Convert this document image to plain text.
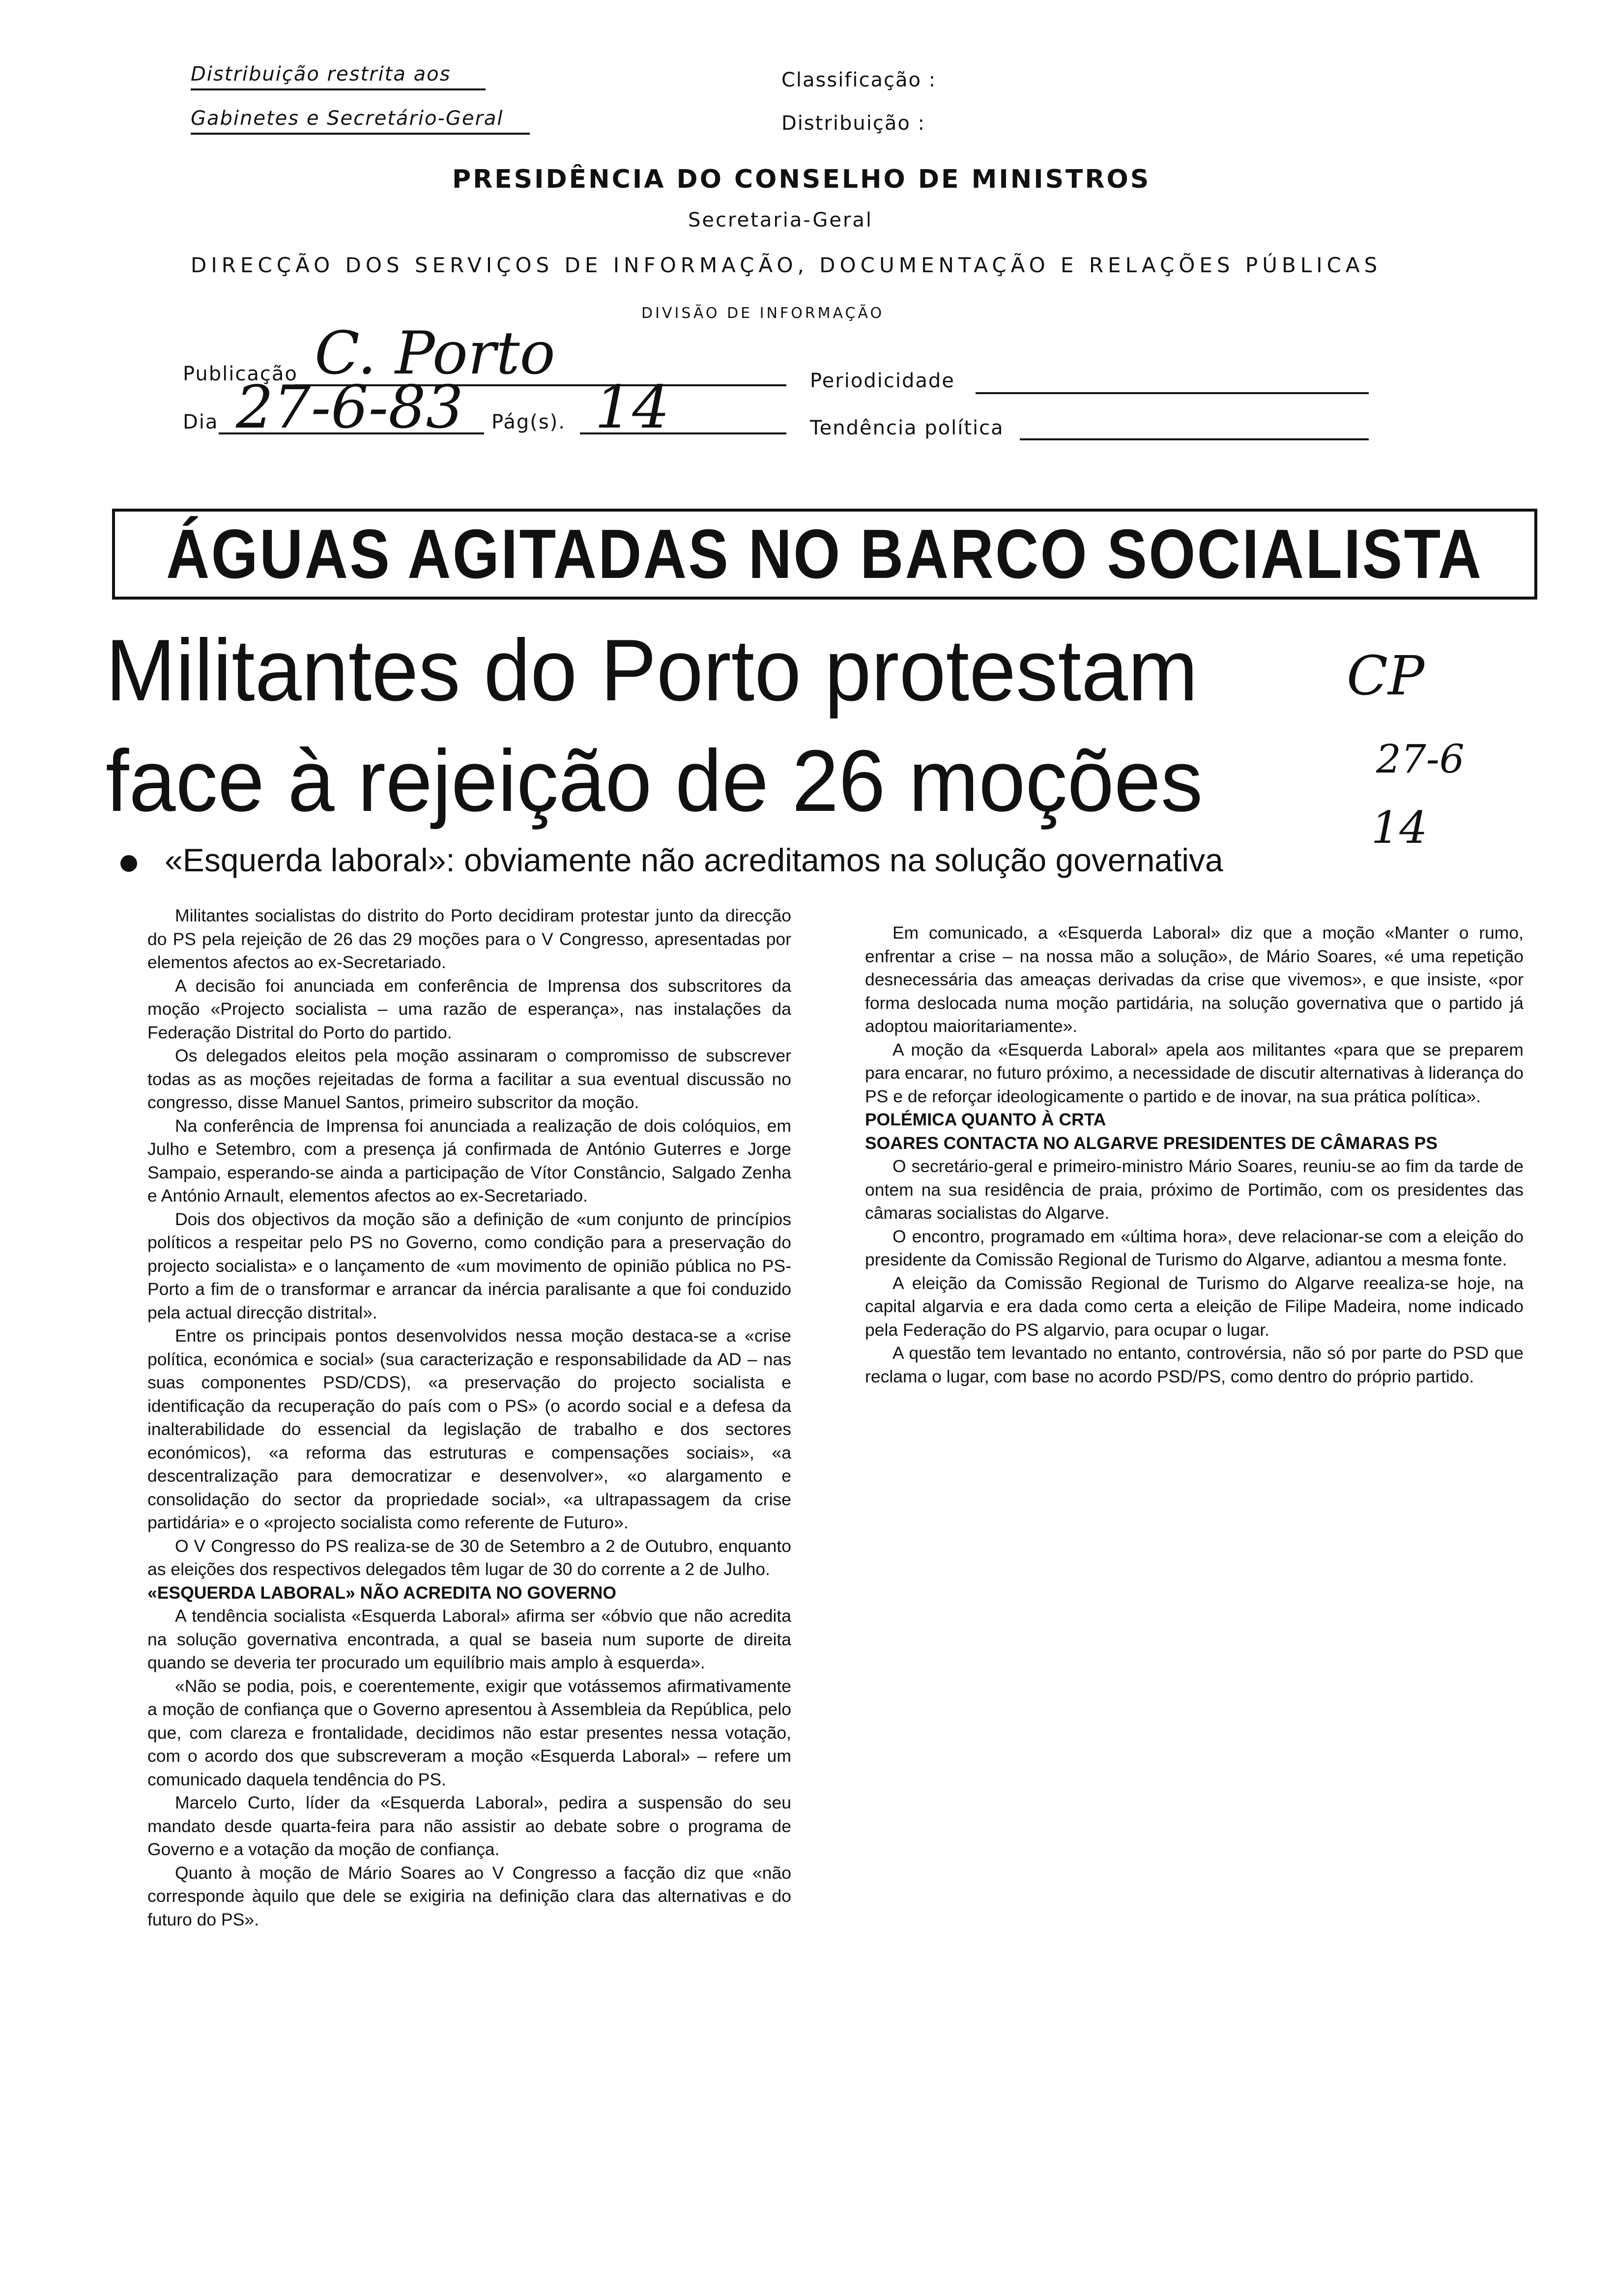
Distribuição restrita aos
Gabinetes e Secretário-Geral
Classificação :
Distribuição :
PRESIDÊNCIA DO CONSELHO DE MINISTROS
Secretaria-Geral
DIRECÇÃO DOS SERVIÇOS DE INFORMAÇÃO, DOCUMENTAÇÃO E RELAÇÕES PÚBLICAS
DIVISÃO DE INFORMAÇÃO
Publicação C. Porto	Periodicidade
Dia 27-6-83 Pág(s). 14	Tendência política
ÁGUAS AGITADAS NO BARCO SOCIALISTA
Militantes do Porto protestam
face à rejeição de 26 moções
CP
27-6
14
«Esquerda laboral»: obviamente não acreditamos na solução governativa

Militantes socialistas do distrito do Porto decidiram protestar junto da direcção do PS pela rejeição de 26 das 29 moções para o V Congresso, apresentadas por elementos afectos ao ex-Secretariado.

A decisão foi anunciada em conferência de Imprensa dos subscritores da moção «Projecto socialista – uma razão de esperança», nas instalações da Federação Distrital do Porto do partido.

Os delegados eleitos pela moção assinaram o compromisso de subscrever todas as as moções rejeitadas de forma a facilitar a sua eventual discussão no congresso, disse Manuel Santos, primeiro subscritor da moção.

Na conferência de Imprensa foi anunciada a realização de dois colóquios, em Julho e Setembro, com a presença já confirmada de António Guterres e Jorge Sampaio, esperando-se ainda a participação de Vítor Constâncio, Salgado Zenha e António Arnault, elementos afectos ao ex-Secretariado.

Dois dos objectivos da moção são a definição de «um conjunto de princípios políticos a respeitar pelo PS no Governo, como condição para a preservação do projecto socialista» e o lançamento de «um movimento de opinião pública no PS-Porto a fim de o transformar e arrancar da inércia paralisante a que foi conduzido pela actual direcção distrital».

Entre os principais pontos desenvolvidos nessa moção destaca-se a «crise política, económica e social» (sua caracterização e responsabilidade da AD – nas suas componentes PSD/CDS), «a preservação do projecto socialista e identificação da recuperação do país com o PS» (o acordo social e a defesa da inalterabilidade do essencial da legislação de trabalho e dos sectores económicos), «a reforma das estruturas e compensações sociais», «a descentralização para democratizar e desenvolver», «o alargamento e consolidação do sector da propriedade social», «a ultrapassagem da crise partidária» e o «projecto socialista como referente de Futuro».

O V Congresso do PS realiza-se de 30 de Setembro a 2 de Outubro, enquanto as eleições dos respectivos delegados têm lugar de 30 do corrente a 2 de Julho.

«ESQUERDA LABORAL» NÃO ACREDITA NO GOVERNO

A tendência socialista «Esquerda Laboral» afirma ser «óbvio que não acredita na solução governativa encontrada, a qual se baseia num suporte de direita quando se deveria ter procurado um equilíbrio mais amplo à esquerda».

«Não se podia, pois, e coerentemente, exigir que votássemos afirmativamente a moção de confiança que o Governo apresentou à Assembleia da República, pelo que, com clareza e frontalidade, decidimos não estar presentes nessa votação, com o acordo dos que subscreveram a moção «Esquerda Laboral» – refere um comunicado daquela tendência do PS.

Marcelo Curto, líder da «Esquerda Laboral», pedira a suspensão do seu mandato desde quarta-feira para não assistir ao debate sobre o programa de Governo e a votação da moção de confiança.

Quanto à moção de Mário Soares ao V Congresso a facção diz que «não corresponde àquilo que dele se exigiria na definição clara das alternativas e do futuro do PS».

Em comunicado, a «Esquerda Laboral» diz que a moção «Manter o rumo, enfrentar a crise – na nossa mão a solução», de Mário Soares, «é uma repetição desnecessária das ameaças derivadas da crise que vivemos», e que insiste, «por forma deslocada numa moção partidária, na solução governativa que o partido já adoptou maioritariamente».

A moção da «Esquerda Laboral» apela aos militantes «para que se preparem para encarar, no futuro próximo, a necessidade de discutir alternativas à liderança do PS e de reforçar ideologicamente o partido e de inovar, na sua prática política».

POLÉMICA QUANTO À CRTA
SOARES CONTACTA NO ALGARVE PRESIDENTES DE CÂMARAS PS

O secretário-geral e primeiro-ministro Mário Soares, reuniu-se ao fim da tarde de ontem na sua residência de praia, próximo de Portimão, com os presidentes das câmaras socialistas do Algarve.

O encontro, programado em «última hora», deve relacionar-se com a eleição do presidente da Comissão Regional de Turismo do Algarve, adiantou a mesma fonte.

A eleição da Comissão Regional de Turismo do Algarve reealiza-se hoje, na capital algarvia e era dada como certa a eleição de Filipe Madeira, nome indicado pela Federação do PS algarvio, para ocupar o lugar.

A questão tem levantado no entanto, controvérsia, não só por parte do PSD que reclama o lugar, com base no acordo PSD/PS, como dentro do próprio partido.
